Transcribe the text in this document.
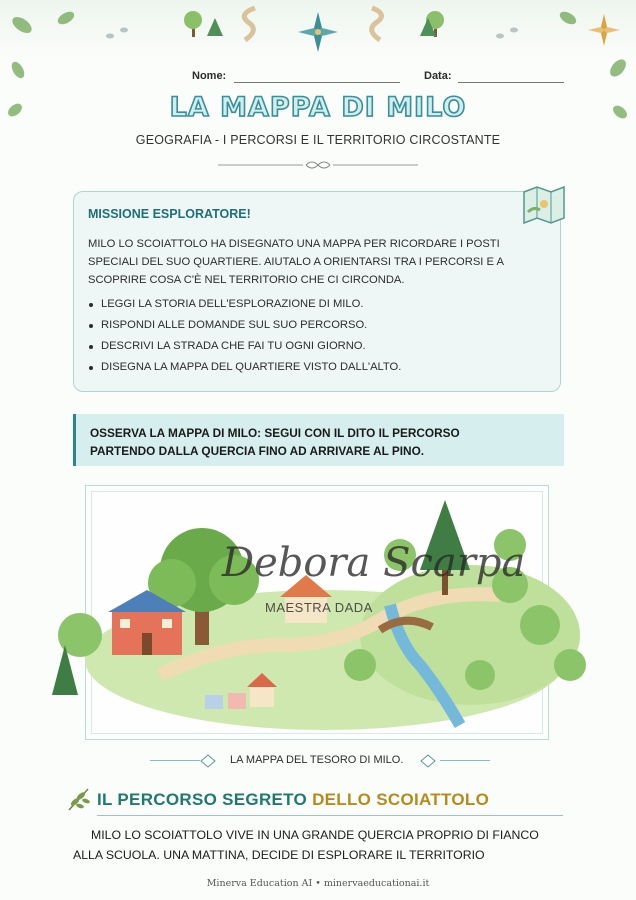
Nome:	Data:
LA MAPPA DI MILO
GEOGRAFIA - I PERCORSI E IL TERRITORIO CIRCOSTANTE
MISSIONE ESPLORATORE!
MILO LO SCOIATTOLO HA DISEGNATO UNA MAPPA PER RICORDARE I POSTI SPECIALI DEL SUO QUARTIERE. AIUTALO A ORIENTARSI TRA I PERCORSI E A SCOPRIRE COSA C'È NEL TERRITORIO CHE CI CIRCONDA.
LEGGI LA STORIA DELL'ESPLORAZIONE DI MILO.
RISPONDI ALLE DOMANDE SUL SUO PERCORSO.
DESCRIVI LA STRADA CHE FAI TU OGNI GIORNO.
DISEGNA LA MAPPA DEL QUARTIERE VISTO DALL'ALTO.
OSSERVA LA MAPPA DI MILO: SEGUI CON IL DITO IL PERCORSO
PARTENDO DALLA QUERCIA FINO AD ARRIVARE AL PINO.
Debora Scarpa
MAESTRA DADA
LA MAPPA DEL TESORO DI MILO.
IL PERCORSO SEGRETO DELLO SCOIATTOLO
MILO LO SCOIATTOLO VIVE IN UNA GRANDE QUERCIA PROPRIO DI FIANCO
ALLA SCUOLA. UNA MATTINA, DECIDE DI ESPLORARE IL TERRITORIO
Minerva Education AI • minervaeducationai.it
